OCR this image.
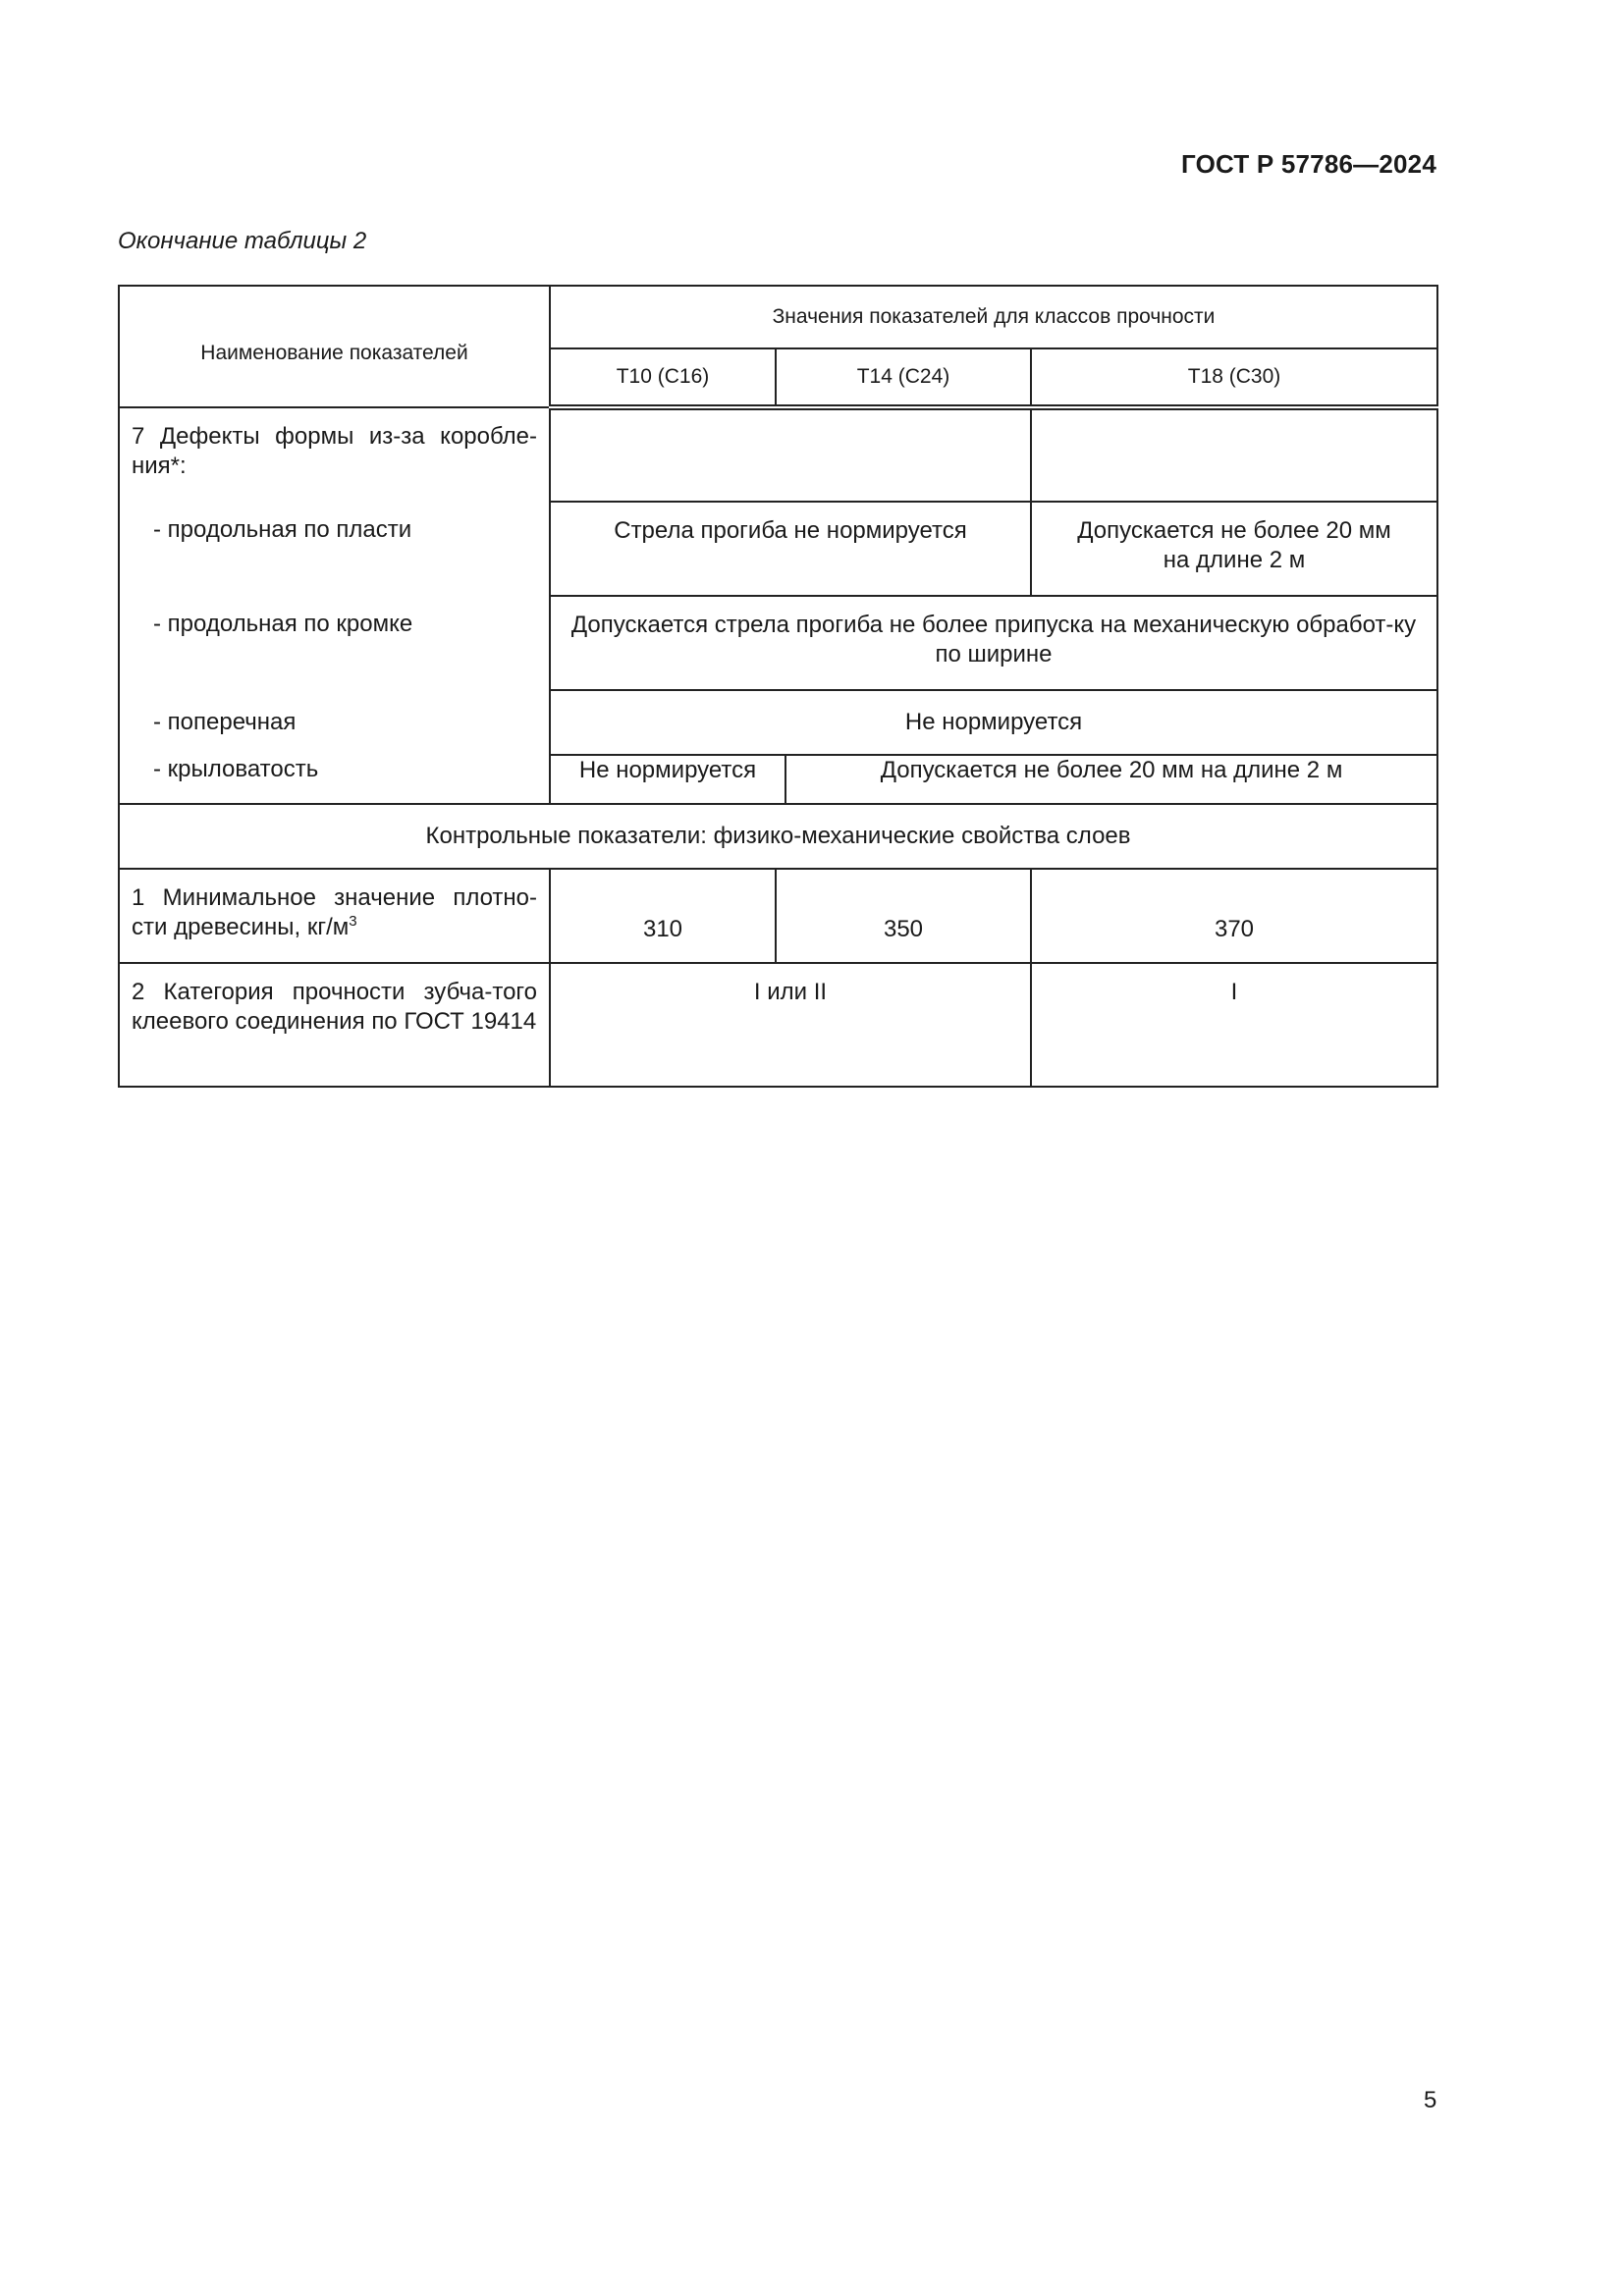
ГОСТ Р 57786—2024
Окончание таблицы 2
Наименование показателей	Значения показателей для классов прочности			
	Т10 (С16)	Т14 (С24)		Т18 (С30)
7 Дефекты формы из-за коробле-ния*:				
- продольная по пласти	Стрела прогиба не нормируется			Допускается не более 20 мм
на длине 2 м

- продольная по кромке	Допускается стрела прогиба не более припуска на механическую обработ-ку по ширине			
- поперечная	Не нормируется			
- крыловатость	Не нормируется		Допускается не более 20 мм на длине 2 м	
Контрольные показатели: физико-механические свойства слоев				
1 Минимальное значение плотно-сти древесины, $кг/м^3$	310	350		370
2 Категория прочности зубча-того клеевого соединения по ГОСТ 19414	I или II			I
5
